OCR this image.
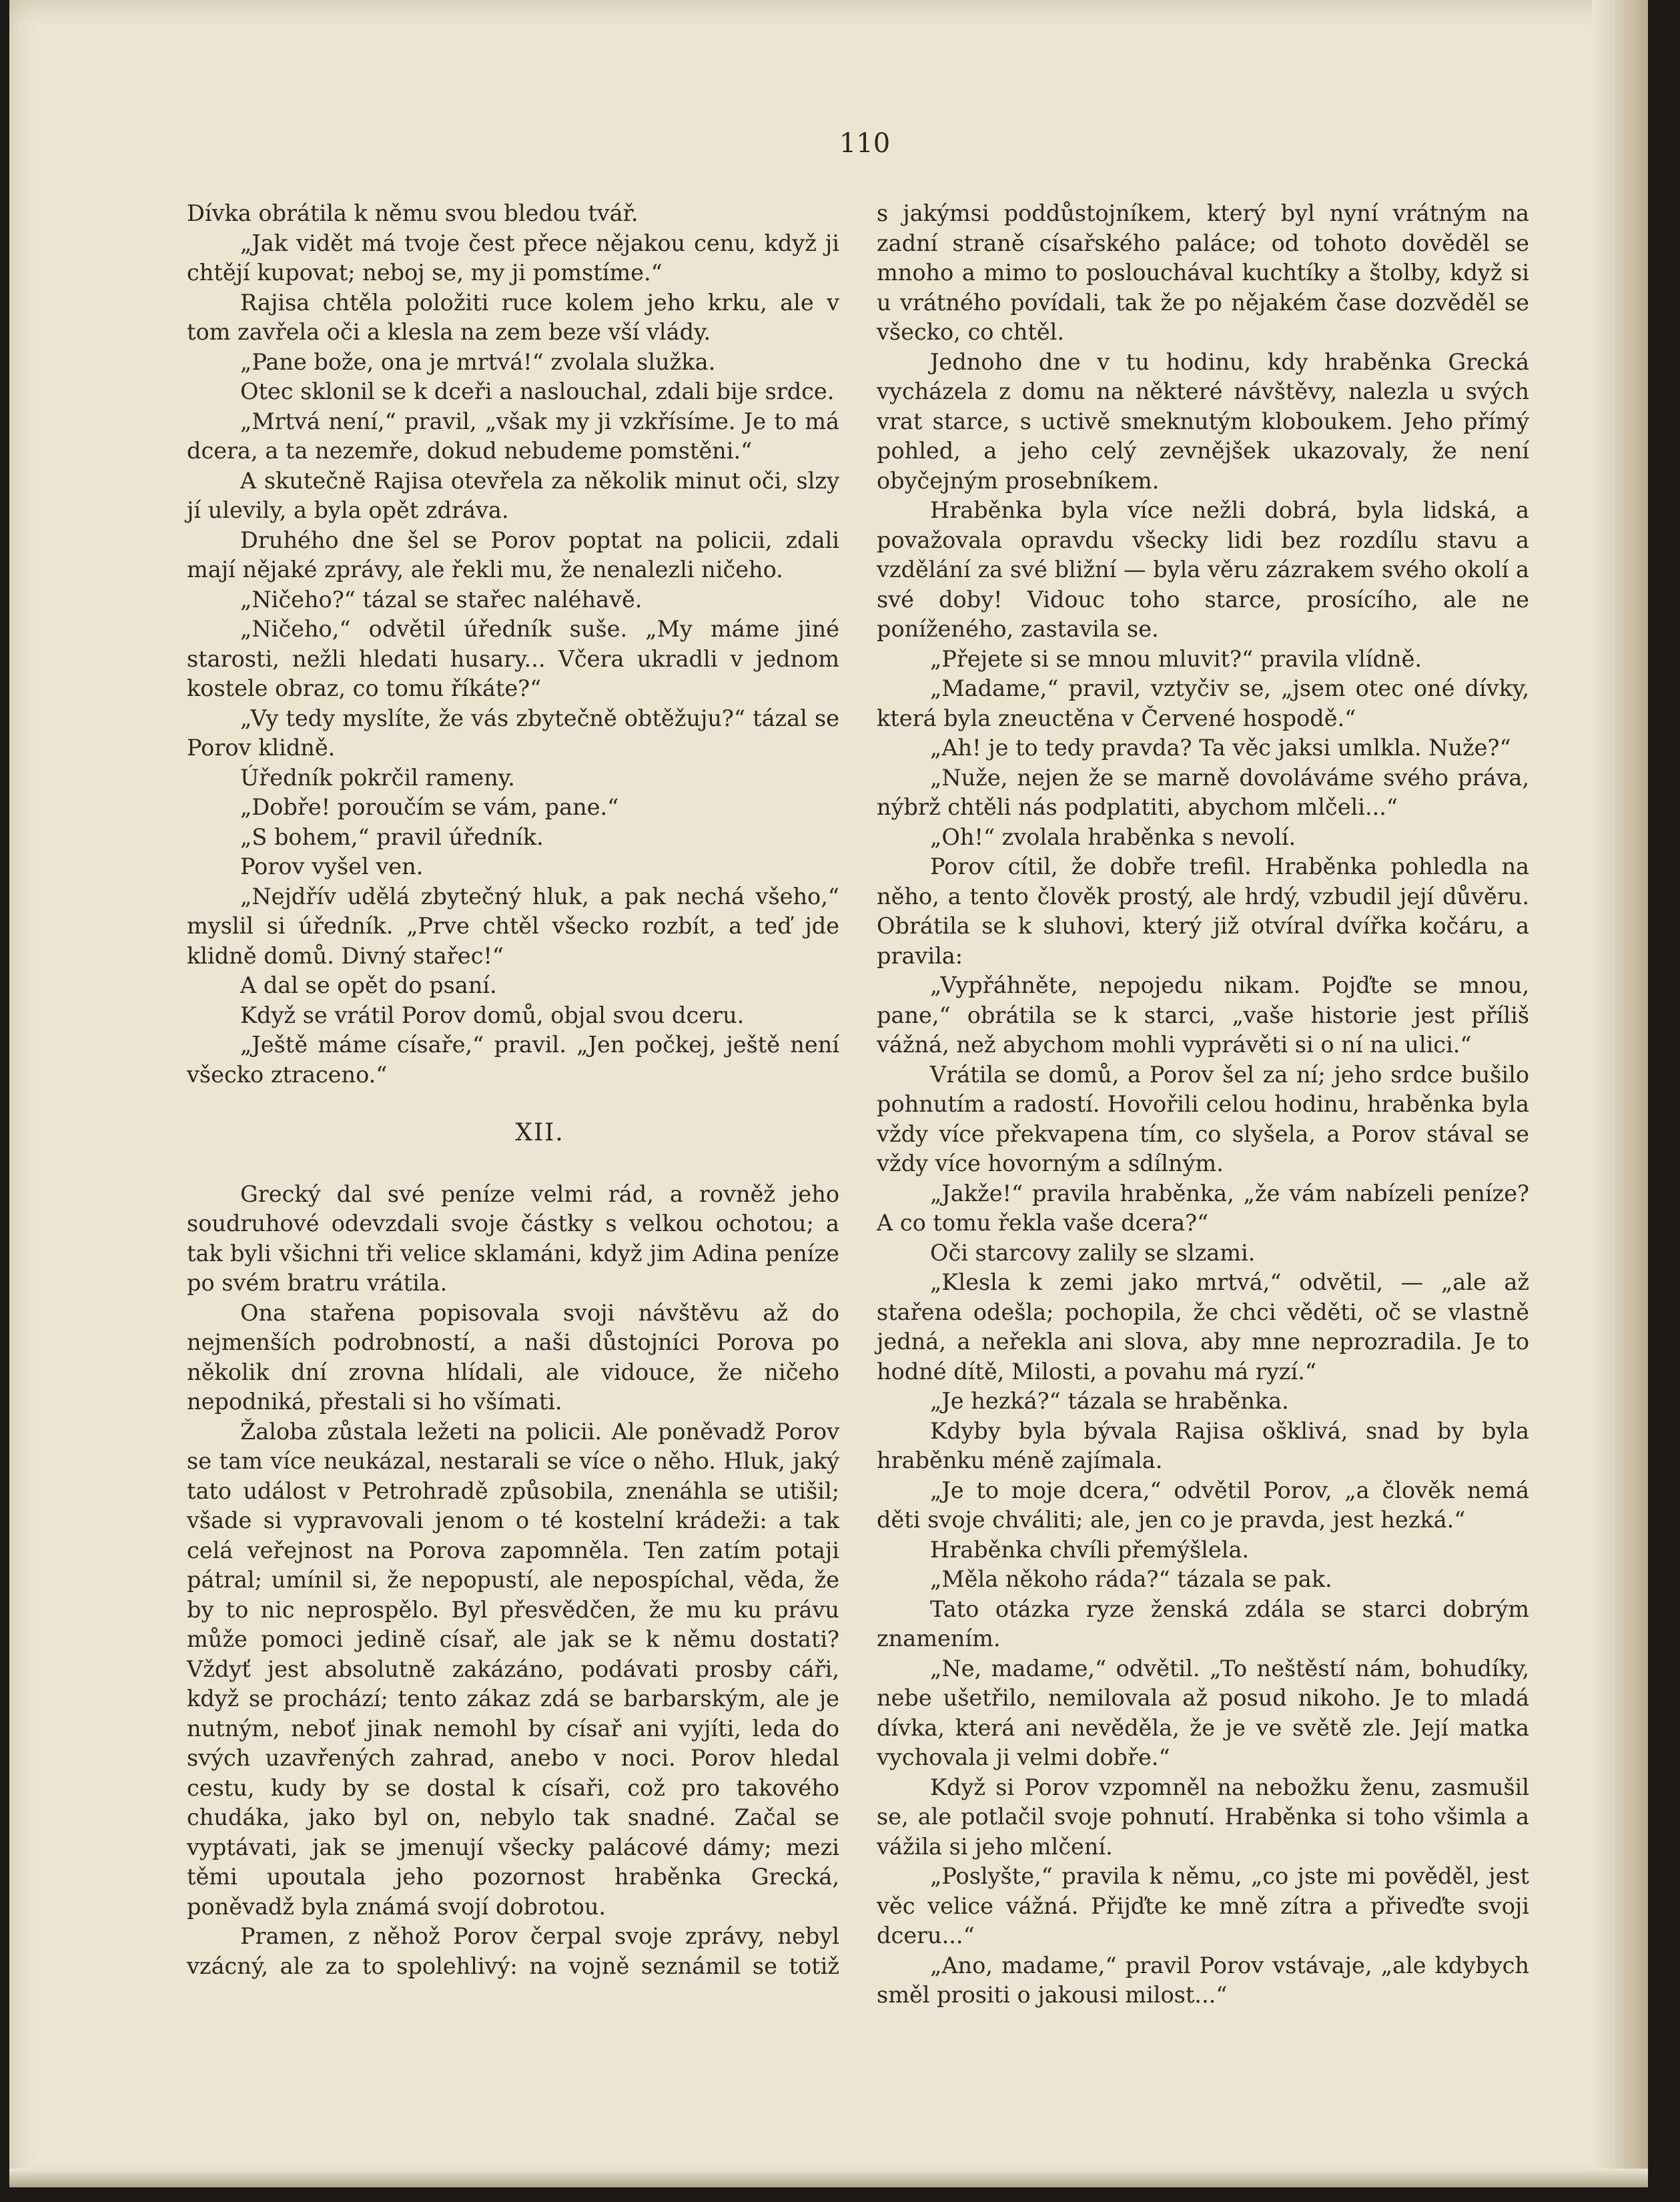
110

Dívka obrátila k němu svou bledou tvář.

„Jak vidět má tvoje čest přece nějakou cenu, když ji chtějí kupovat; neboj se, my ji pomstíme.“

Rajisa chtěla položiti ruce kolem jeho krku, ale v tom zavřela oči a klesla na zem beze vší vlády.

„Pane bože, ona je mrtvá!“ zvolala služka.

Otec sklonil se k dceři a naslouchal, zdali bije srdce.

„Mrtvá není,“ pravil, „však my ji vzkřísíme. Je to má dcera, a ta nezemře, dokud nebudeme pomstěni.“

A skutečně Rajisa otevřela za několik minut oči, slzy jí ulevily, a byla opět zdráva.

Druhého dne šel se Porov poptat na policii, zdali mají nějaké zprávy, ale řekli mu, že nenalezli ničeho.

„Ničeho?“ tázal se stařec naléhavě.

„Ničeho,“ odvětil úředník suše. „My máme jiné starosti, nežli hledati husary... Včera ukradli v jednom kostele obraz, co tomu říkáte?“

„Vy tedy myslíte, že vás zbytečně obtěžuju?“ tázal se Porov klidně.

Úředník pokrčil rameny.

„Dobře! poroučím se vám, pane.“

„S bohem,“ pravil úředník.

Porov vyšel ven.

„Nejdřív udělá zbytečný hluk, a pak nechá všeho,“ myslil si úředník. „Prve chtěl všecko rozbít, a teď jde klidně domů. Divný stařec!“

A dal se opět do psaní.

Když se vrátil Porov domů, objal svou dceru.

„Ještě máme císaře,“ pravil. „Jen počkej, ještě není všecko ztraceno.“

XII.

Grecký dal své peníze velmi rád, a rovněž jeho soudruhové odevzdali svoje částky s velkou ochotou; a tak byli všichni tři velice sklamáni, když jim Adina peníze po svém bratru vrátila.

Ona stařena popisovala svoji návštěvu až do nejmenších podrobností, a naši důstojníci Porova po několik dní zrovna hlídali, ale vidouce, že ničeho nepodniká, přestali si ho všímati.

Žaloba zůstala ležeti na policii. Ale poněvadž Porov se tam více neukázal, nestarali se více o něho. Hluk, jaký tato událost v Petrohradě způsobila, znenáhla se utišil; všade si vypravovali jenom o té kostelní krádeži: a tak celá veřejnost na Porova zapomněla. Ten zatím potaji pátral; umínil si, že nepopustí, ale nepospíchal, věda, že by to nic neprospělo. Byl přesvědčen, že mu ku právu může pomoci jedině císař, ale jak se k němu dostati? Vždyť jest absolutně zakázáno, podávati prosby cáři, když se prochází; tento zákaz zdá se barbarským, ale je nutným, neboť jinak nemohl by císař ani vyjíti, leda do svých uzavřených zahrad, anebo v noci. Porov hledal cestu, kudy by se dostal k císaři, což pro takového chudáka, jako byl on, nebylo tak snadné. Začal se vyptávati, jak se jmenují všecky palácové dámy; mezi těmi upoutala jeho pozornost hraběnka Grecká, poněvadž byla známá svojí dobrotou.

Pramen, z něhož Porov čerpal svoje zprávy, nebyl vzácný, ale za to spolehlivý: na vojně seznámil se totiž

s jakýmsi poddůstojníkem, který byl nyní vrátným na zadní straně císařského paláce; od tohoto dověděl se mnoho a mimo to poslouchával kuchtíky a štolby, když si u vrátného povídali, tak že po nějakém čase dozvěděl se všecko, co chtěl.

Jednoho dne v tu hodinu, kdy hraběnka Grecká vycházela z domu na některé návštěvy, nalezla u svých vrat starce, s uctivě smeknutým kloboukem. Jeho přímý pohled, a jeho celý zevnějšek ukazovaly, že není obyčejným prosebníkem.

Hraběnka byla více nežli dobrá, byla lidská, a považovala opravdu všecky lidi bez rozdílu stavu a vzdělání za své bližní — byla věru zázrakem svého okolí a své doby! Vidouc toho starce, prosícího, ale ne poníženého, zastavila se.

„Přejete si se mnou mluvit?“ pravila vlídně.

„Madame,“ pravil, vztyčiv se, „jsem otec oné dívky, která byla zneuctěna v Červené hospodě.“

„Ah! je to tedy pravda? Ta věc jaksi umlkla. Nuže?“

„Nuže, nejen že se marně dovoláváme svého práva, nýbrž chtěli nás podplatiti, abychom mlčeli...“

„Oh!“ zvolala hraběnka s nevolí.

Porov cítil, že dobře trefil. Hraběnka pohledla na něho, a tento člověk prostý, ale hrdý, vzbudil její důvěru. Obrátila se k sluhovi, který již otvíral dvířka kočáru, a pravila:

„Vypřáhněte, nepojedu nikam. Pojďte se mnou, pane,“ obrátila se k starci, „vaše historie jest příliš vážná, než abychom mohli vyprávěti si o ní na ulici.“

Vrátila se domů, a Porov šel za ní; jeho srdce bušilo pohnutím a radostí. Hovořili celou hodinu, hraběnka byla vždy více překvapena tím, co slyšela, a Porov stával se vždy více hovorným a sdílným.

„Jakže!“ pravila hraběnka, „že vám nabízeli peníze? A co tomu řekla vaše dcera?“

Oči starcovy zalily se slzami.

„Klesla k zemi jako mrtvá,“ odvětil, — „ale až stařena odešla; pochopila, že chci věděti, oč se vlastně jedná, a neřekla ani slova, aby mne neprozradila. Je to hodné dítě, Milosti, a povahu má ryzí.“

„Je hezká?“ tázala se hraběnka.

Kdyby byla bývala Rajisa ošklivá, snad by byla hraběnku méně zajímala.

„Je to moje dcera,“ odvětil Porov, „a člověk nemá děti svoje chváliti; ale, jen co je pravda, jest hezká.“

Hraběnka chvíli přemýšlela.

„Měla někoho ráda?“ tázala se pak.

Tato otázka ryze ženská zdála se starci dobrým znamením.

„Ne, madame,“ odvětil. „To neštěstí nám, bohudíky, nebe ušetřilo, nemilovala až posud nikoho. Je to mladá dívka, která ani nevěděla, že je ve světě zle. Její matka vychovala ji velmi dobře.“

Když si Porov vzpomněl na nebožku ženu, zasmušil se, ale potlačil svoje pohnutí. Hraběnka si toho všimla a vážila si jeho mlčení.

„Poslyšte,“ pravila k němu, „co jste mi pověděl, jest věc velice vážná. Přijďte ke mně zítra a přiveďte svoji dceru...“

„Ano, madame,“ pravil Porov vstávaje, „ale kdybych směl prositi o jakousi milost...“
